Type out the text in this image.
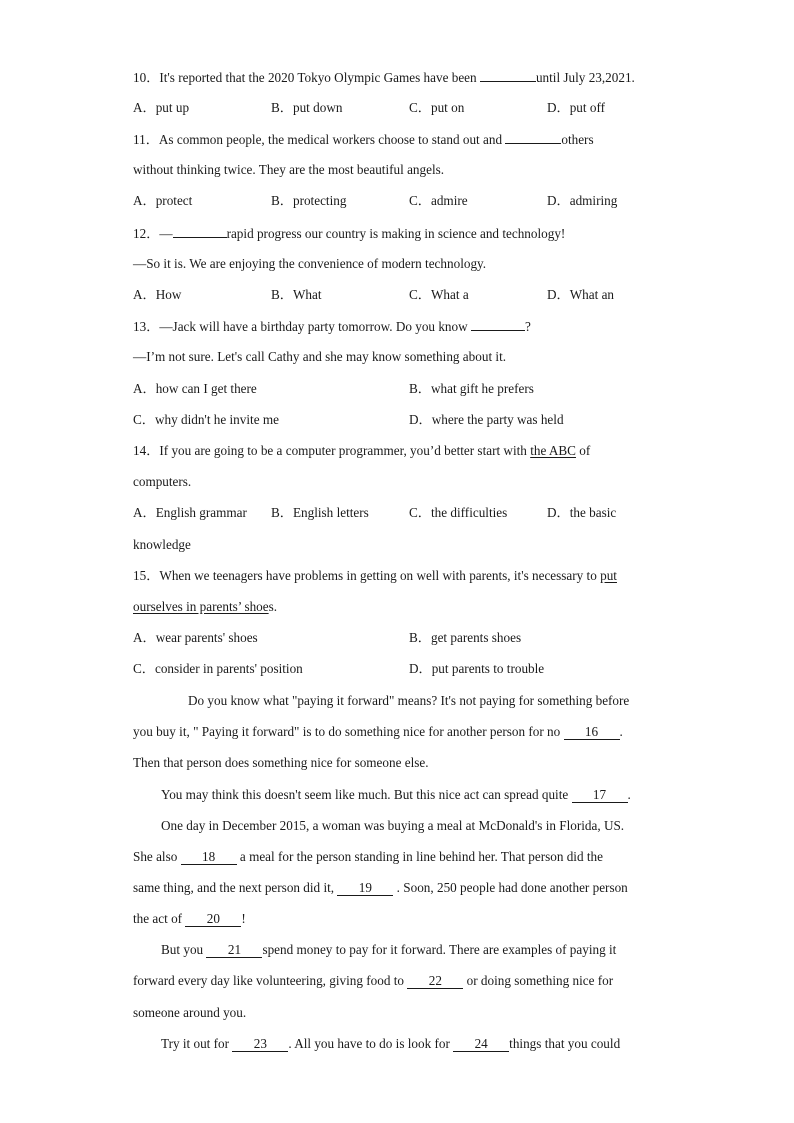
10．It's reported that the 2020 Tokyo Olympic Games have been	until July 23,2021.
A．put up	B．put down	C．put on	D．put off
11．As common people, the medical workers choose to stand out and	others
without thinking twice. They are the most beautiful angels.
A．protect	B．protecting	C．admire	D．admiring
12．—	rapid progress our country is making in science and technology!
—So it is. We are enjoying the convenience of modern technology.
A．How	B．What	C．What a	D．What an
13．—Jack will have a birthday party tomorrow. Do you know	?
—I’m not sure. Let's call Cathy and she may know something about it.
A．how can I get there	B．what gift he prefers
C．why didn't he invite me	D．where the party was held
14．If you are going to be a computer programmer, you’d better start with the ABC of
computers.
A．English grammar B．English letters	C．the difficulties	D．the basic
knowledge
15．When we teenagers have problems in getting on well with parents, it's necessary to put
ourselves in parents’ shoes.
A．wear parents' shoes	B．get parents shoes
C．consider in parents' position	D．put parents to trouble
Do you know what "paying it forward" means? It's not paying for something before
you buy it, " Paying it forward" is to do something nice for another person for no 16 .
Then that person does something nice for someone else.
You may think this doesn't seem like much. But this nice act can spread quite 17 .
One day in December 2015, a woman was buying a meal at McDonald's in Florida, US.
She also 18 a meal for the person standing in line behind her. That person did the
same thing, and the next person did it, 19 . Soon, 250 people had done another person
the act of 20 !
But you 21 spend money to pay for it forward. There are examples of paying it
forward every day like volunteering, giving food to 22 or doing something nice for
someone around you.
Try it out for 23 . All you have to do is look for 24 things that you could
